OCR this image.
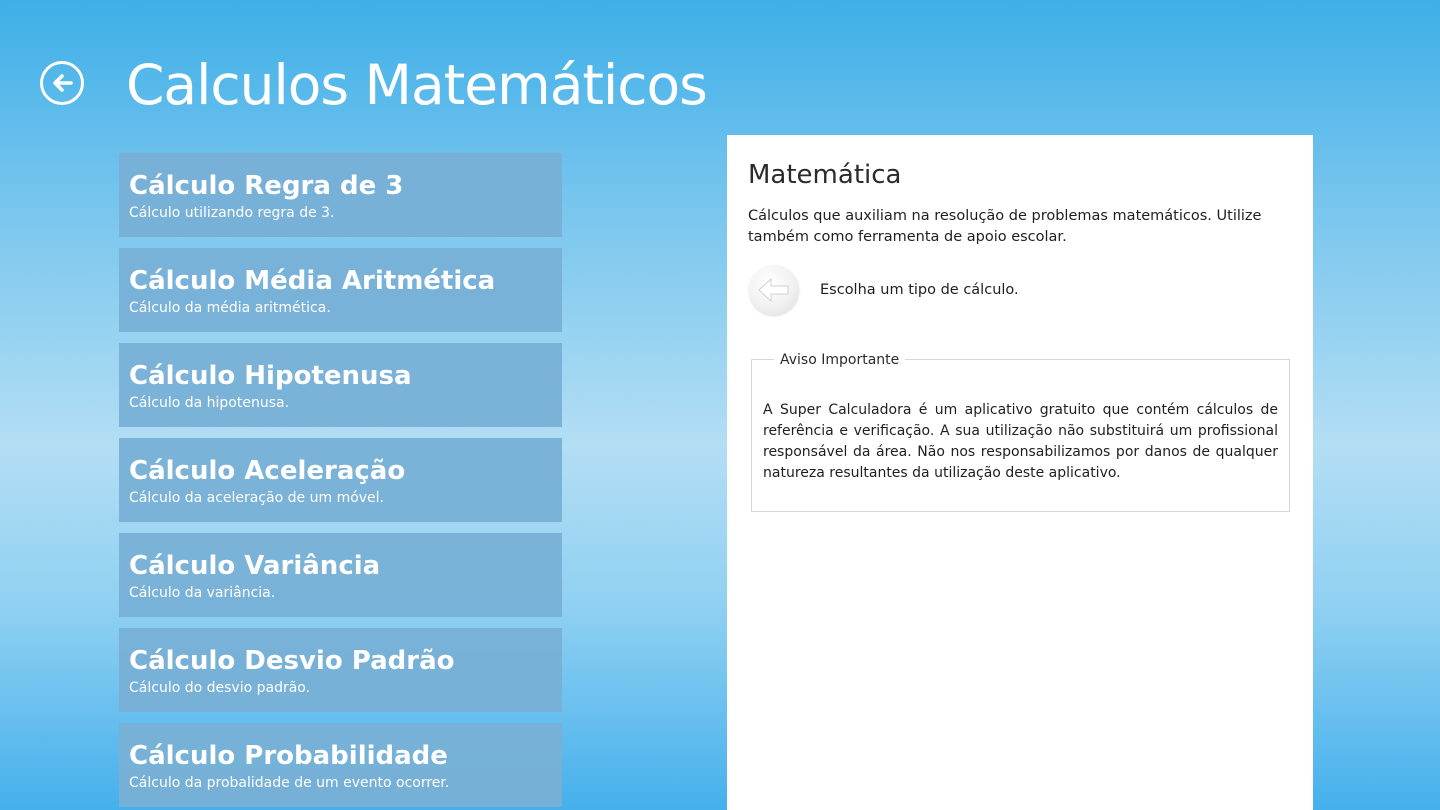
Calculos Matemáticos
Cálculo Regra de 3
Cálculo utilizando regra de 3.
Cálculo Média Aritmética
Cálculo da média aritmética.
Cálculo Hipotenusa
Cálculo da hipotenusa.
Cálculo Aceleração
Cálculo da aceleração de um móvel.
Cálculo Variância
Cálculo da variância.
Cálculo Desvio Padrão
Cálculo do desvio padrão.
Cálculo Probabilidade
Cálculo da probalidade de um evento ocorrer.
Matemática

Cálculos que auxiliam na resolução de problemas matemáticos. Utilize também como ferramenta de apoio escolar.

Escolha um tipo de cálculo.
Aviso Importante

A Super Calculadora é um aplicativo gratuito que contém cálculos de referência e verificação. A sua utilização não substituirá um profissional responsável da área. Não nos responsabilizamos por danos de qualquer natureza resultantes da utilização deste aplicativo.
